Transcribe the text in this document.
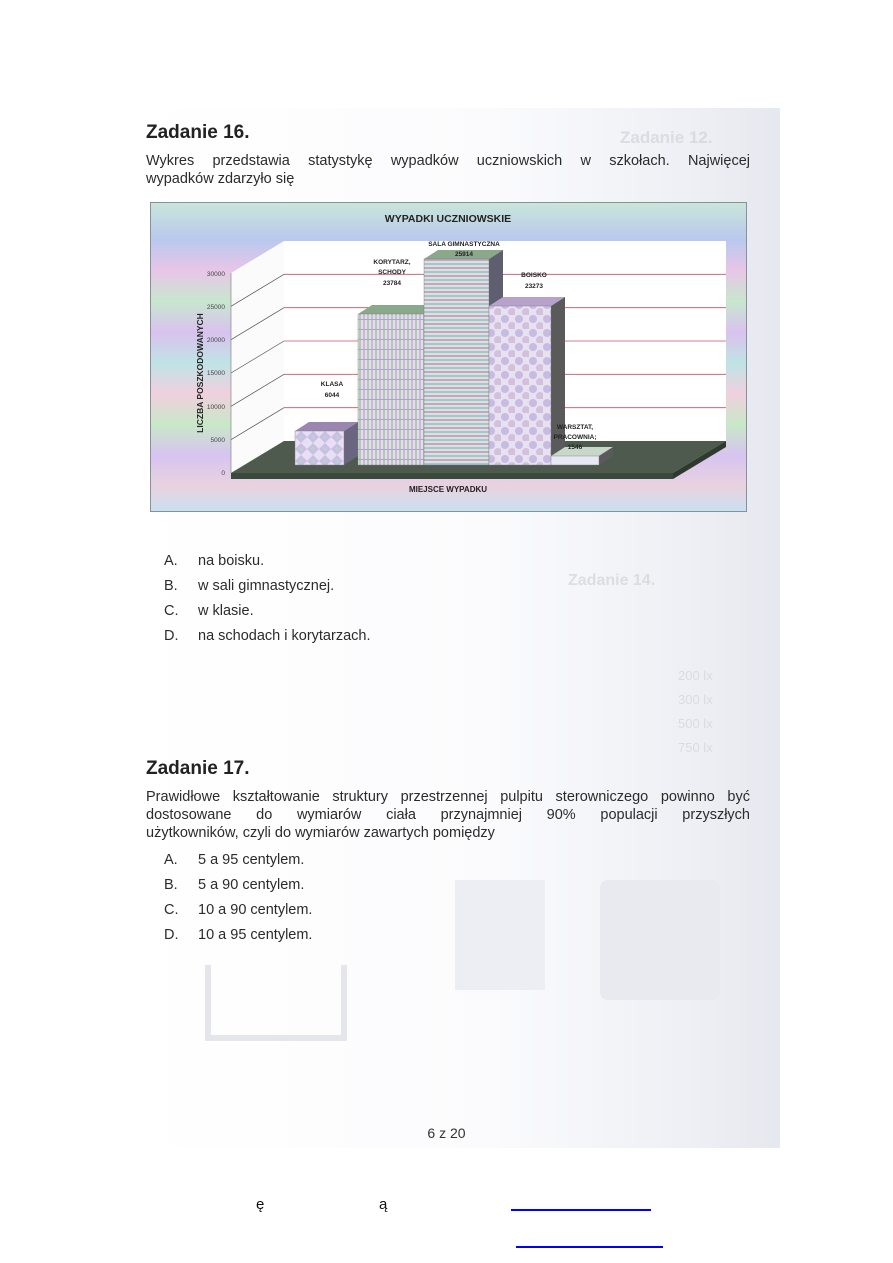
Zadanie 12.
Zadanie 14.
200 lx
300 lx
500 lx
750 lx
Zadanie 16.
Wykres przedstawia statystykę wypadków uczniowskich w szkołach. Najwięcej
wypadków zdarzyło się
WYPADKI UCZNIOWSKIE
0
5000
10000
15000
20000
25000
30000
LICZBA POSZKODOWANYCH	KLASA
6044
KORYTARZ,
SCHODY
23784
SALA GIMNASTYCZNA
25914
BOISKO
23273
WARSZTAT,
PRACOWNIA;
1546
MIEJSCE WYPADKU
A. na boisku.
B. w sali gimnastycznej.
C. w klasie.
D. na schodach i korytarzach.
Zadanie 17.
Prawidłowe kształtowanie struktury przestrzennej pulpitu sterowniczego powinno być
dostosowane do wymiarów ciała przynajmniej 90% populacji przyszłych
użytkowników, czyli do wymiarów zawartych pomiędzy
A. 5 a 95 centylem.
B. 5 a 90 centylem.
C. 10 a 90 centylem.
D. 10 a 95 centylem.
6 z 20
ę	ą
